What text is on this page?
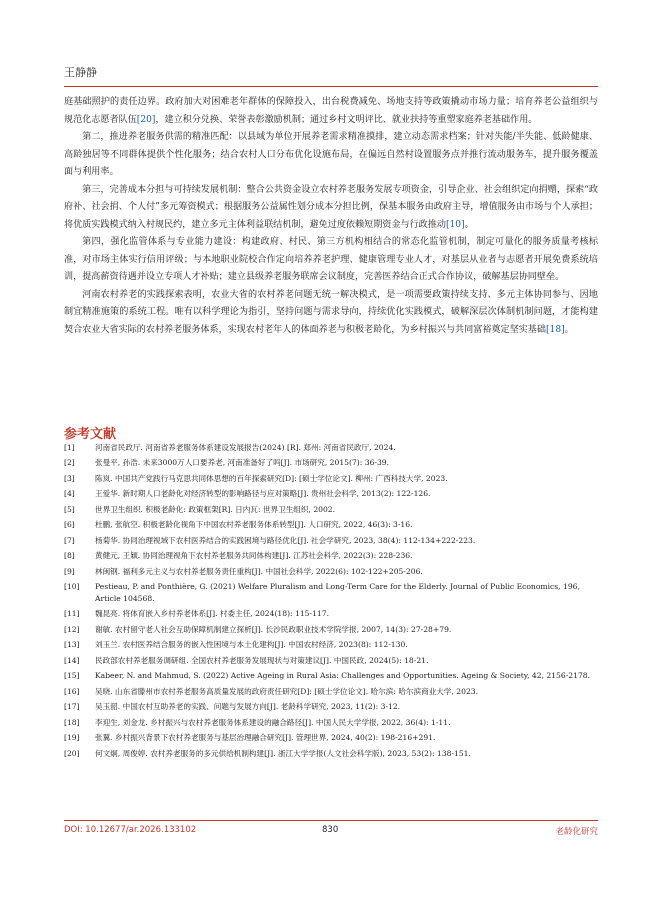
王静静

庭基础照护的责任边界。政府加大对困难老年群体的保障投入，出台税费减免、场地支持等政策撬动市场力量；培育养老公益组织与规范化志愿者队伍[20]，建立积分兑换、荣誉表彰激励机制；通过乡村文明评比、就业扶持等重塑家庭养老基础作用。

第二，推进养老服务供需的精准匹配：以县域为单位开展养老需求精准摸排，建立动态需求档案；针对失能/半失能、低龄健康、高龄独居等不同群体提供个性化服务；结合农村人口分布优化设施布局，在偏远自然村设置服务点并推行流动服务车，提升服务覆盖面与利用率。

第三，完善成本分担与可持续发展机制：整合公共资金设立农村养老服务发展专项资金，引导企业、社会组织定向捐赠，探索“政府补、社会捐、个人付”多元筹资模式；根据服务公益属性划分成本分担比例，保基本服务由政府主导，增值服务由市场与个人承担；将优质实践模式纳入村规民约，建立多元主体利益联结机制，避免过度依赖短期资金与行政推动[10]。

第四，强化监管体系与专业能力建设：构建政府、村民、第三方机构相结合的常态化监管机制，制定可量化的服务质量考核标准，对市场主体实行信用评级；与本地职业院校合作定向培养养老护理、健康管理专业人才，对基层从业者与志愿者开展免费系统培训，提高薪资待遇并设立专项人才补贴；建立县级养老服务联席会议制度，完善医养结合正式合作协议，破解基层协同壁垒。

河南农村养老的实践探索表明，农业大省的农村养老问题无统一解决模式，是一项需要政策持续支持、多元主体协同参与、因地制宜精准施策的系统工程。唯有以科学理论为指引，坚持问题与需求导向，持续优化实践模式，破解深层次体制机制问题，才能构建契合农业大省实际的农村养老服务体系，实现农村老年人的体面养老与积极老龄化，为乡村振兴与共同富裕奠定坚实基础[18]。

参考文献
[1]	河南省民政厅. 河南省养老服务体系建设发展报告(2024) [R]. 郑州: 河南省民政厅, 2024.
[2]	张曼平, 孙浩. 未来3000万人口要养老, 河南准备好了吗[J]. 市场研究, 2015(7): 36-39.
[3]	陈岚. 中国共产党践行马克思共同体思想的百年探索研究[D]: [硕士学位论文]. 柳州: 广西科技大学, 2023.
[4]	王爱华. 新时期人口老龄化对经济转型的影响路径与应对策略[J]. 贵州社会科学, 2013(2): 122-126.
[5]	世界卫生组织. 积极老龄化: 政策框架[R]. 日内瓦: 世界卫生组织, 2002.
[6]	杜鹏, 张航空. 积极老龄化视角下中国农村养老服务体系转型[J]. 人口研究, 2022, 46(3): 3-16.
[7]	杨菊华. 协同治理视域下农村医养结合的实践困境与路径优化[J]. 社会学研究, 2023, 38(4): 112-134+222-223.
[8]	黄健元, 王颖. 协同治理视角下农村养老服务共同体构建[J]. 江苏社会科学, 2022(3): 228-236.
[9]	林闽钢. 福利多元主义与农村养老服务责任重构[J]. 中国社会科学, 2022(6): 102-122+205-206.
[10]	Pestieau, P. and Ponthière, G. (2021) Welfare Pluralism and Long-Term Care for the Elderly. Journal of Public Economics, 196, Article 104568.
[11]	魏昆亮. 将体育嵌入乡村养老体系[J]. 村委主任, 2024(18): 115-117.
[12]	谢敏. 农村留守老人社会互助保障机制建立探析[J]. 长沙民政职业技术学院学报, 2007, 14(3): 27-28+79.
[13]	刘玉兰. 农村医养结合服务的嵌入性困境与本土化建构[J]. 中国农村经济, 2023(8): 112-130.
[14]	民政部农村养老服务调研组. 全国农村养老服务发展现状与对策建议[J]. 中国民政, 2024(5): 18-21.
[15]	Kabeer, N. and Mahmud, S. (2022) Active Ageing in Rural Asia: Challenges and Opportunities. Ageing & Society, 42, 2156-2178.
[16]	吴晓. 山东省滕州市农村养老服务高质量发展的政府责任研究[D]: [硕士学位论文]. 哈尔滨: 哈尔滨商业大学, 2023.
[17]	吴玉韶. 中国农村互助养老的实践、问题与发展方向[J]. 老龄科学研究, 2023, 11(2): 3-12.
[18]	李迎生, 刘金龙. 乡村振兴与农村养老服务体系建设的融合路径[J]. 中国人民大学学报, 2022, 36(4): 1-11.
[19]	张翼. 乡村振兴背景下农村养老服务与基层治理融合研究[J]. 管理世界, 2024, 40(2): 198-216+291.
[20]	何文炯, 周俊婷. 农村养老服务的多元供给机制构建[J]. 浙江大学学报(人文社会科学版), 2023, 53(2): 138-151.
DOI: 10.12677/ar.2026.133102	830	老龄化研究
